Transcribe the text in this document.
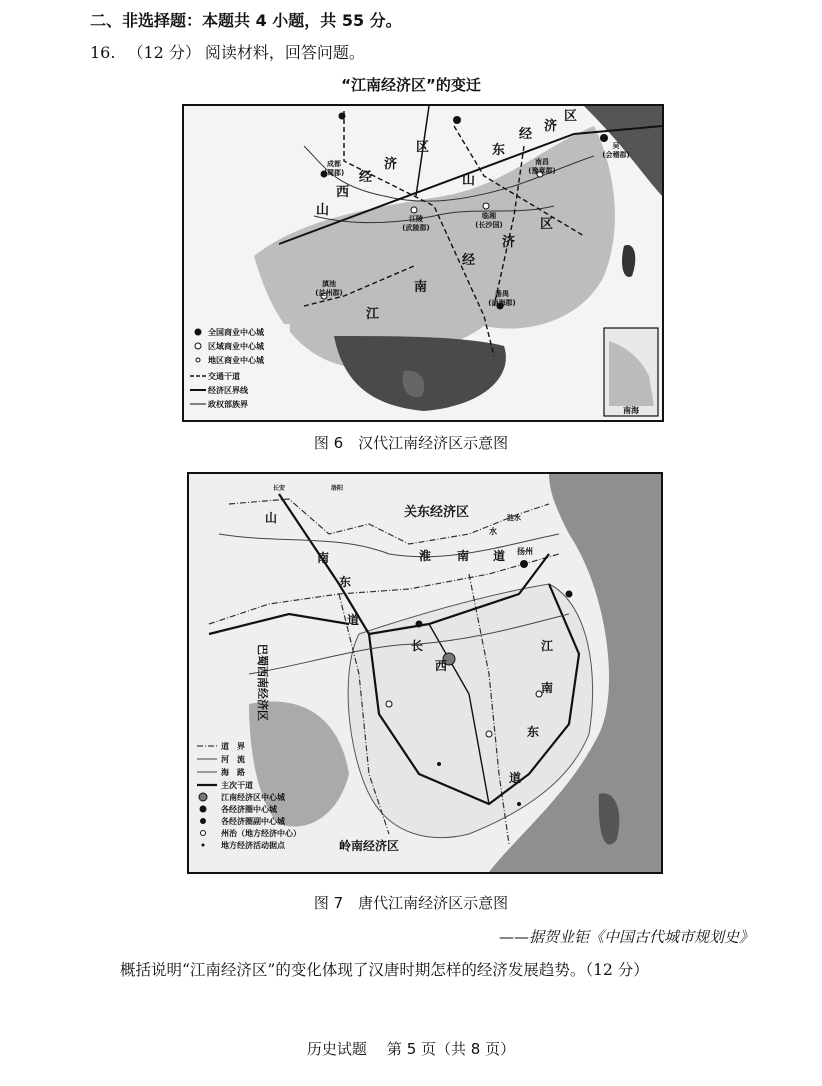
二、非选择题：本题共 4 小题，共 55 分。
16. （12 分） 阅读材料，回答问题。
“江南经济区”的变迁
山
西
经
济
区
山
东
经
济
区
江
南
经
济
区
成都
(蜀郡)
江陵
(武陵郡)
临湘
(长沙国)
南昌
(豫章郡)
吴
(会稽郡)
番禺
(南海郡)
滇池
(益州郡)
全国商业中心城
区域商业中心城
地区商业中心城
交通干道
经济区界线
政权部族界
南海
图 6　汉代江南经济区示意图
关东经济区
岭南经济区
山
南
东
道
淮 南 道
长
西
江
南
东
道
扬州
水
涟水
洛阳
长安
巴蜀西南经济区
道　界
河　流
海　路
主次干道
江南经济区中心城
各经济圈中心城
各经济圈副中心城
州治（地方经济中心）
地方经济活动据点
图 7　唐代江南经济区示意图
——据贺业钜《中国古代城市规划史》
概括说明“江南经济区”的变化体现了汉唐时期怎样的经济发展趋势。（12 分）
历史试题 第 5 页（共 8 页）
